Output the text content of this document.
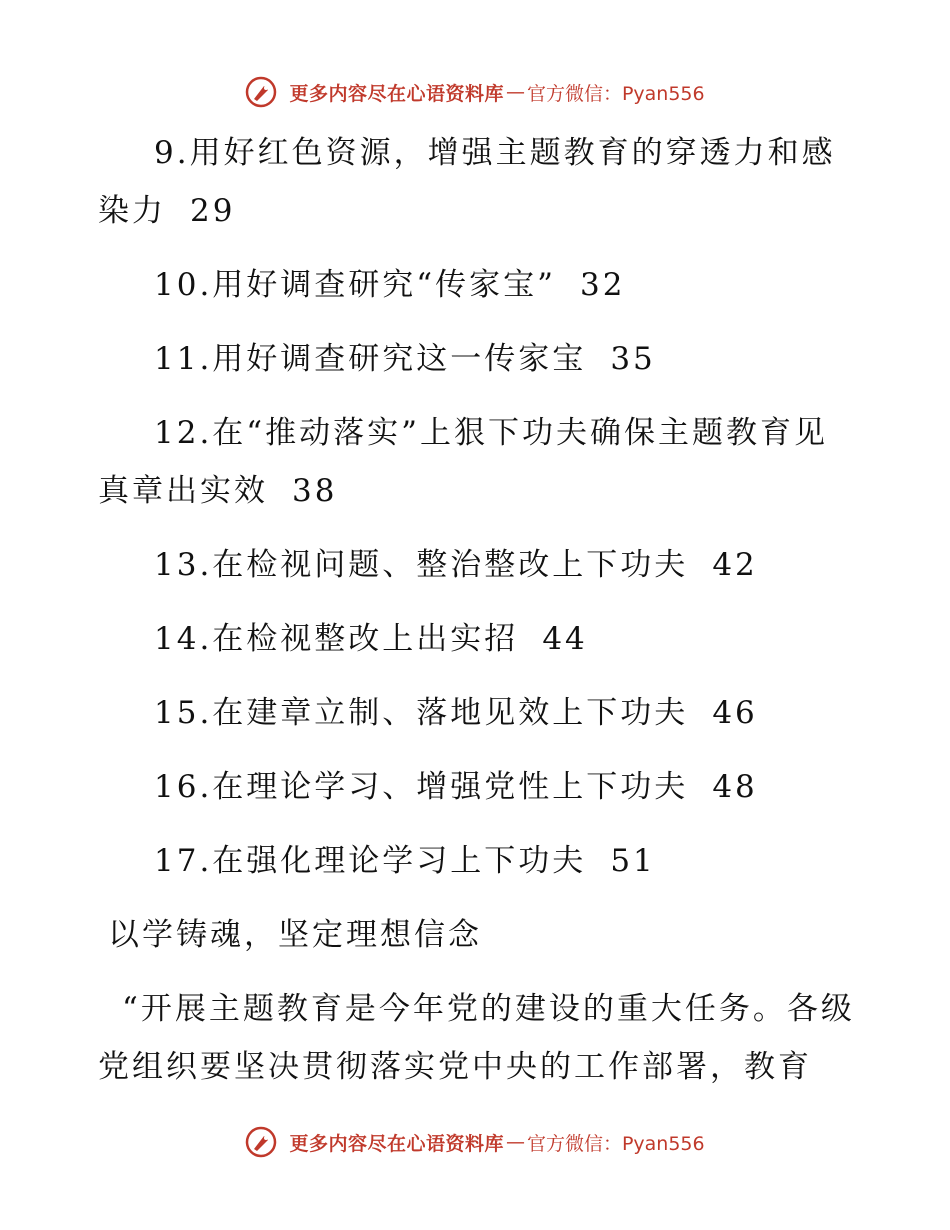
更多内容尽在心语资料库 — 官方微信：Pyan556

9.用好红色资源，增强主题教育的穿透力和感染力 29

10.用好调查研究“传家宝” 32

11.用好调查研究这一传家宝 35

12.在“推动落实”上狠下功夫确保主题教育见真章出实效 38

13.在检视问题、整治整改上下功夫 42

14.在检视整改上出实招 44

15.在建章立制、落地见效上下功夫 46

16.在理论学习、增强党性上下功夫 48

17.在强化理论学习上下功夫 51

以学铸魂，坚定理想信念

“开展主题教育是今年党的建设的重大任务。各级党组织要坚决贯彻落实党中央的工作部署，教育

更多内容尽在心语资料库 — 官方微信：Pyan556
